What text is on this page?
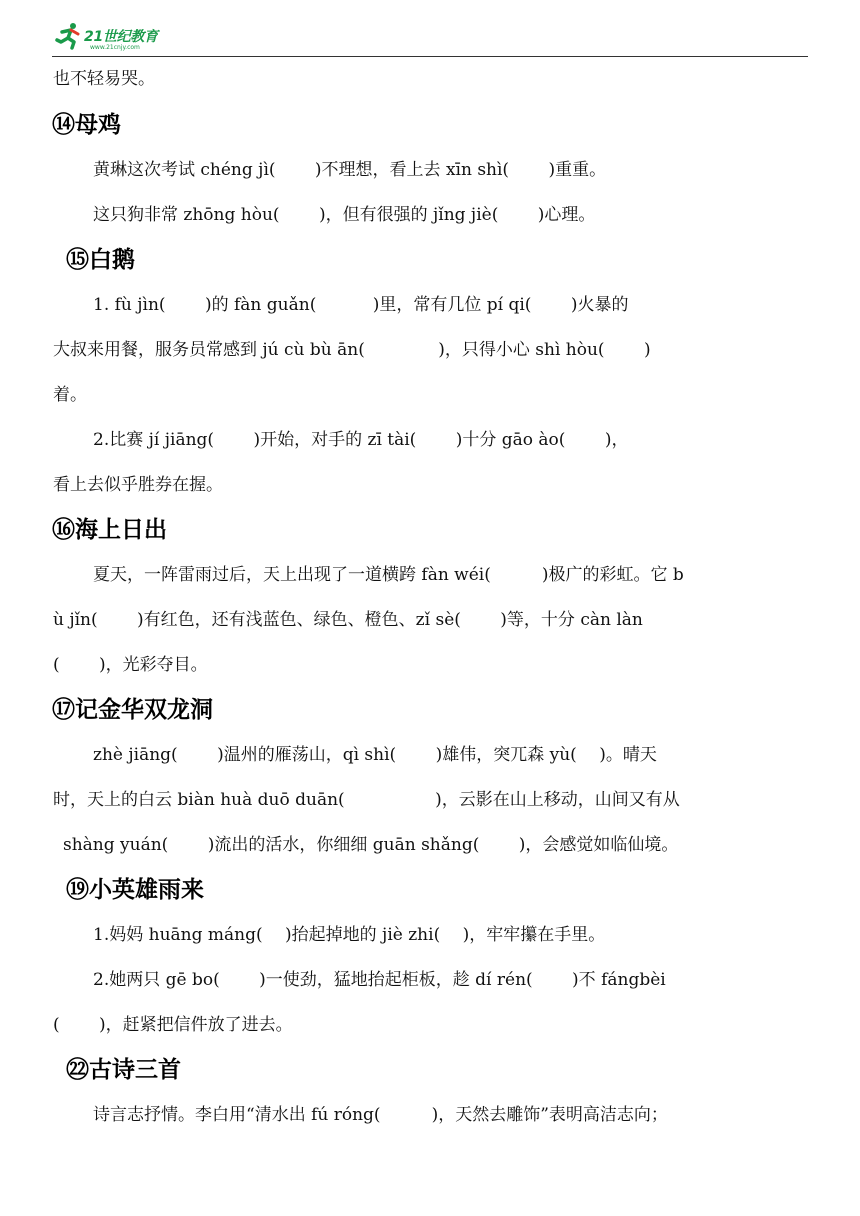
21世纪教育
www.21cnjy.com
也不轻易哭。
⑭母鸡
黄琳这次考试 chéng jì(　　 )不理想，看上去 xīn shì(　　 )重重。
这只狗非常 zhōng hòu(　　 )，但有很强的 jǐng jiè(　　 )心理。
⑮白鹅
1. fù jìn(　　 )的 fàn guǎn(　　　 )里，常有几位 pí qi(　　 )火暴的
大叔来用餐，服务员常感到 jú cù bù ān(　　　　 )，只得小心 shì hòu(　　 )
着。
2.比赛 jí jiāng(　　 )开始，对手的 zī tài(　　 )十分 gāo ào(　　 )，
看上去似乎胜券在握。
⑯海上日出
夏天，一阵雷雨过后，天上出现了一道横跨 fàn wéi(　　　)极广的彩虹。它 b
ù jǐn(　　 )有红色，还有浅蓝色、绿色、橙色、zǐ sè(　　 )等，十分 càn làn
(　　 )，光彩夺目。
⑰记金华双龙洞
zhè jiāng(　　 )温州的雁荡山，qì shì(　　 )雄伟，突兀森 yù(　 )。晴天
时，天上的白云 biàn huà duō duān(　　　　　 )，云影在山上移动，山间又有从
shàng yuán(　　 )流出的活水，你细细 guān shǎng(　　 )，会感觉如临仙境。
⑲小英雄雨来
1.妈妈 huāng máng(　 )抬起掉地的 jiè zhi(　 )，牢牢攥在手里。
2.她两只 gē bo(　　 )一使劲，猛地抬起柜板，趁 dí rén(　　 )不 fángbèi
(　　 )，赶紧把信件放了进去。
㉒古诗三首
诗言志抒情。李白用“清水出 fú róng(　　　)，天然去雕饰”表明高洁志向；
